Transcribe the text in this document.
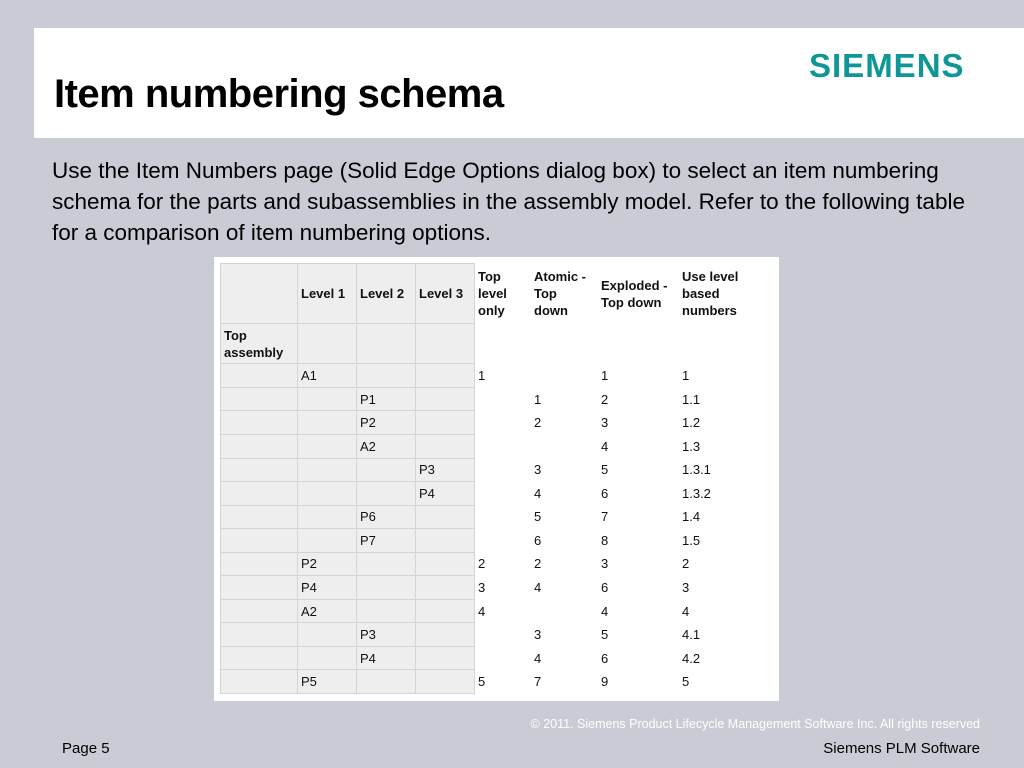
Item numbering schema
SIEMENS
Use the Item Numbers page (Solid Edge Options dialog box) to select an item numbering schema for the parts and subassemblies in the assembly model. Refer to the following table for a comparison of item numbering options.
	Level 1	Level 2	Level 3	Top level only	Atomic - Top down	Exploded - Top down	Use level based numbers
Top assembly							
	A1			1		1	1
		P1			1	2	1.1
		P2			2	3	1.2
		A2				4	1.3
			P3		3	5	1.3.1
			P4		4	6	1.3.2
		P6			5	7	1.4
		P7			6	8	1.5
	P2			2	2	3	2
	P4			3	4	6	3
	A2			4		4	4
		P3			3	5	4.1
		P4			4	6	4.2
	P5			5	7	9	5
© 2011. Siemens Product Lifecycle Management Software Inc. All rights reserved
Page 5	Siemens PLM Software
